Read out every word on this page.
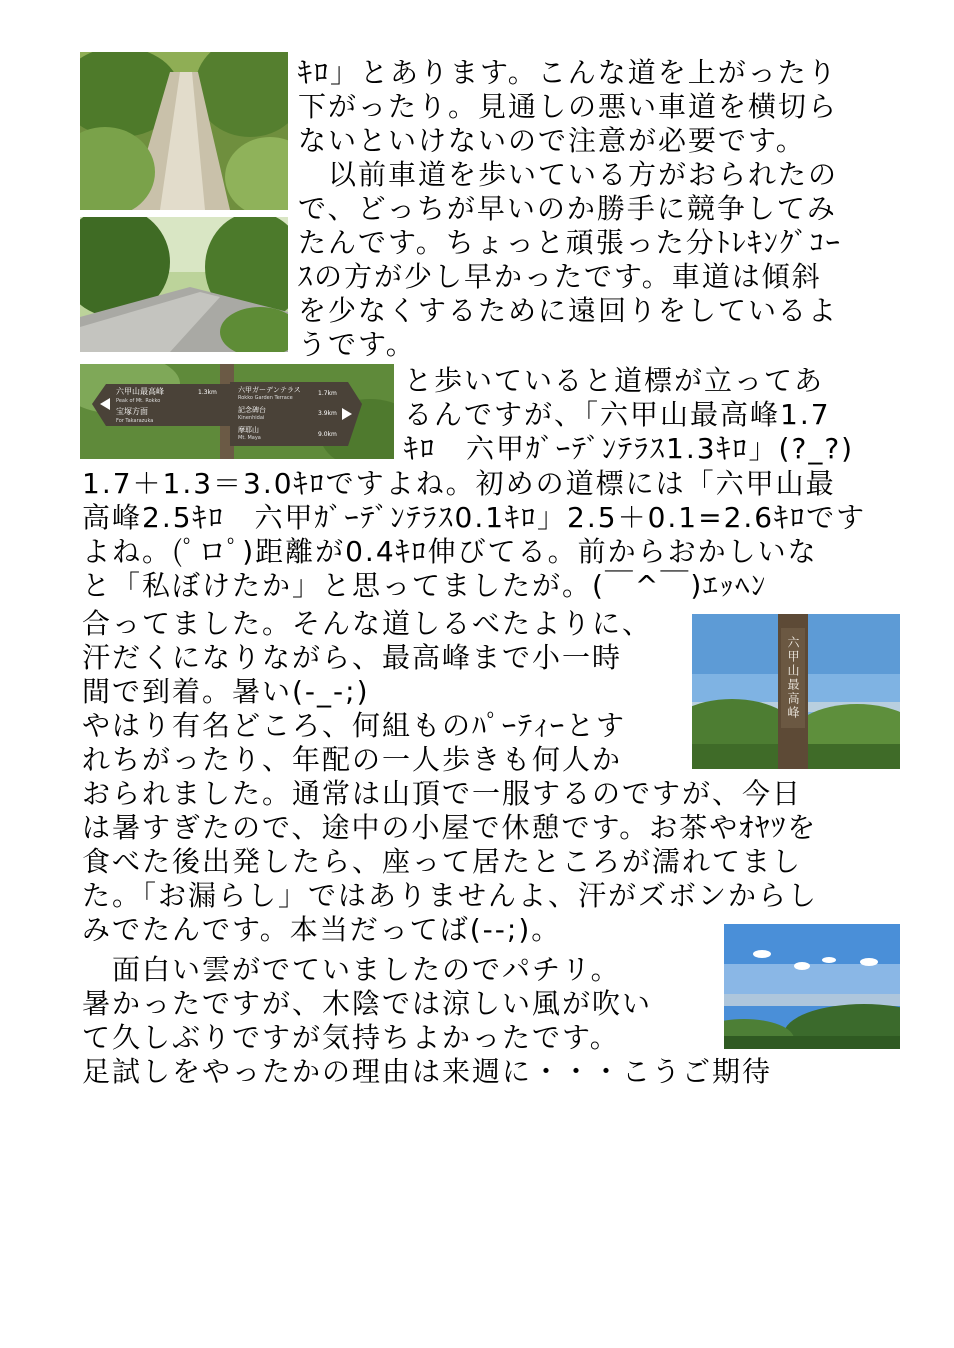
六甲山最高峰
Peak of Mt. Rokko
1.3km
宝塚方面
For Takarazuka
六甲ガーデンテラス
Rokko Garden Terrace
1.7km
記念碑台
Kinenhidai
3.9km
摩耶山
Mt. Maya	9.0km
六甲山最高峰
ｷﾛ」とあります。こんな道を上がったり
下がったり。見通しの悪い車道を横切ら
ないといけないので注意が必要です。
　以前車道を歩いている方がおられたの
で、どっちが早いのか勝手に競争してみ
たんです。ちょっと頑張った分ﾄﾚｷﾝｸﾞｺｰ
ｽの方が少し早かったです。車道は傾斜
を少なくするために遠回りをしているよ
うです。
と歩いていると道標が立ってあ
るんですが、「六甲山最高峰1.7
ｷﾛ　六甲ｶﾞｰﾃﾞﾝﾃﾗｽ1.3ｷﾛ」(?_?)
1.7＋1.3＝3.0ｷﾛですよね。初めの道標には「六甲山最
高峰2.5ｷﾛ　六甲ｶﾞｰﾃﾞﾝﾃﾗｽ0.1ｷﾛ」2.5＋0.1=2.6ｷﾛです
よね。(ﾟロﾟ)距離が0.4ｷﾛ伸びてる。前からおかしいな
と「私ぼけたか」と思ってましたが。(￣^￣)ｴｯﾍﾝ
合ってました。そんな道しるべたよりに、
汗だくになりながら、最高峰まで小一時
間で到着。暑い(-_-;)
やはり有名どころ、何組ものﾊﾟｰﾃｨｰとす
れちがったり、年配の一人歩きも何人か
おられました。通常は山頂で一服するのですが、今日
は暑すぎたので、途中の小屋で休憩です。お茶やｵﾔﾂを
食べた後出発したら、座って居たところが濡れてまし
た。「お漏らし」ではありませんよ、汗がズボンからし
みでたんです。本当だってば(--;)。
　面白い雲がでていましたのでパチリ。
暑かったですが、木陰では涼しい風が吹い
て久しぶりですが気持ちよかったです。
足試しをやったかの理由は来週に・・・こうご期待
